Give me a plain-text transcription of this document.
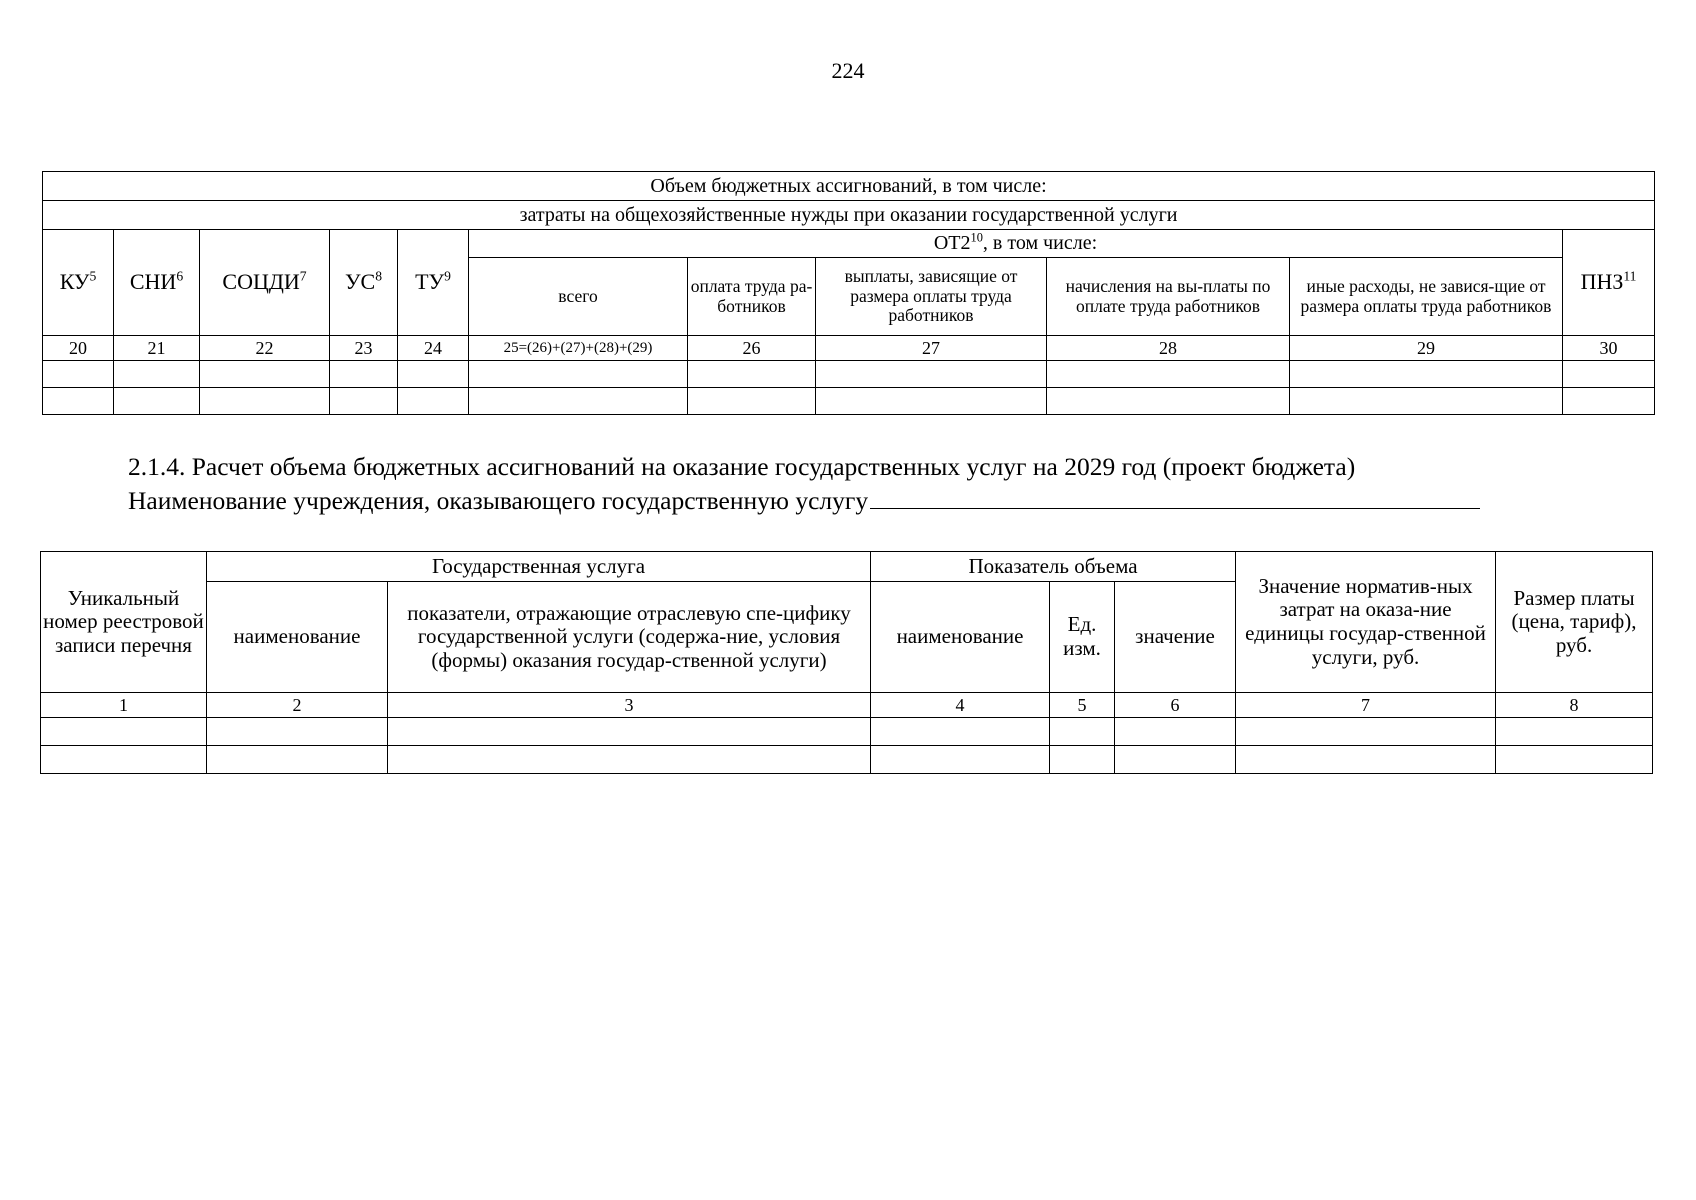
224
Объем бюджетных ассигнований, в том числе:										
затраты на общехозяйственные нужды при оказании государственной услуги										
$КУ^5$	СНИ$^6$	СОЦДИ$^7$	$УС^8$	$ТУ^9$	$ОТ2^{10}$, в том числе:					ПНЗ$^{11}$
					всего	оплата труда ра-ботников	выплаты, зависящие от размера оплаты труда работников	начисления на вы-платы по оплате труда работников	иные расходы, не завися-щие от размера оплаты труда работников	
20	21	22	23	24	25=(26)+(27)+(28)+(29)	26	27	28	29	30

2.1.4. Расчет объема бюджетных ассигнований на оказание государственных услуг на 2029 год (проект бюджета)
Наименование учреждения, оказывающего государственную услугу
Уникальный номер реестровой записи перечня	Государственная услуга		Показатель объема			Значение норматив-ных затрат на оказа-ние единицы государ-ственной услуги, руб.	Размер платы (цена, тариф), руб.
	наименование	показатели, отражающие отраслевую спе-цифику государственной услуги (содержа-ние, условия (формы) оказания государ-ственной услуги)	наименование	Ед. изм.	значение		
1	2	3	4	5	6	7	8
